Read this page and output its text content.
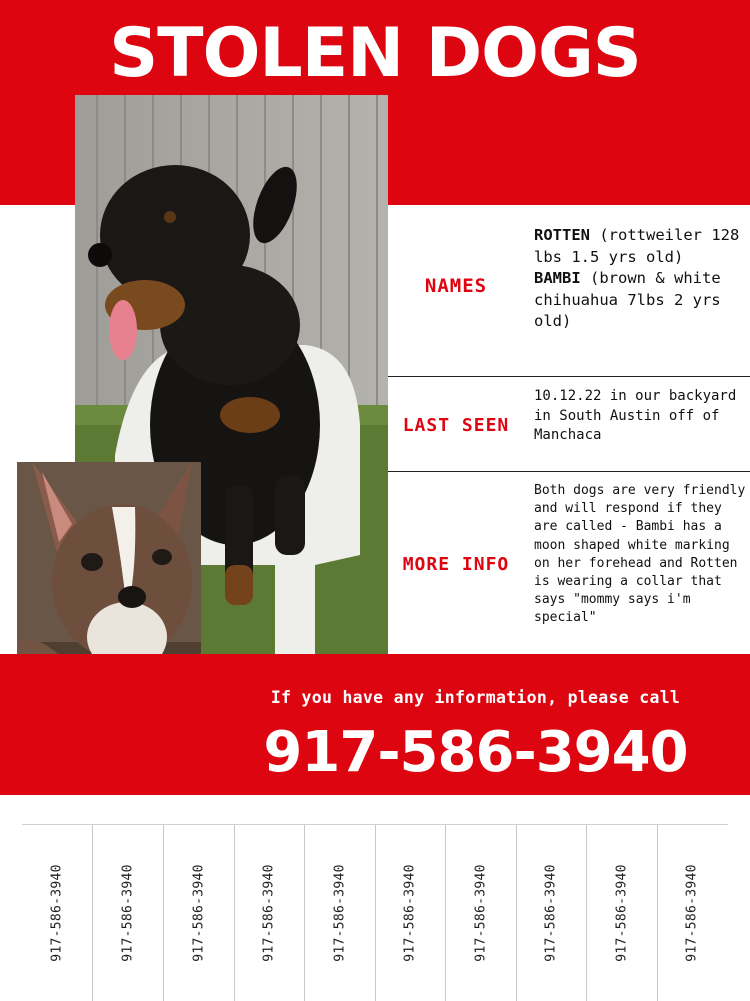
STOLEN DOGS
NAMES
ROTTEN (rottweiler 128 lbs 1.5 yrs old)
BAMBI (brown & white chihuahua 7lbs 2 yrs old)
LAST SEEN
10.12.22 in our backyard in South Austin off of Manchaca
MORE INFO
Both dogs are very friendly and will respond if they are called - Bambi has a moon shaped white marking on her forehead and Rotten is wearing a collar that says "mommy says i'm special"
If you have any information, please call
917-586-3940
917-586-3940	917-586-3940	917-586-3940	917-586-3940	917-586-3940	917-586-3940	917-586-3940	917-586-3940	917-586-3940	917-586-3940
